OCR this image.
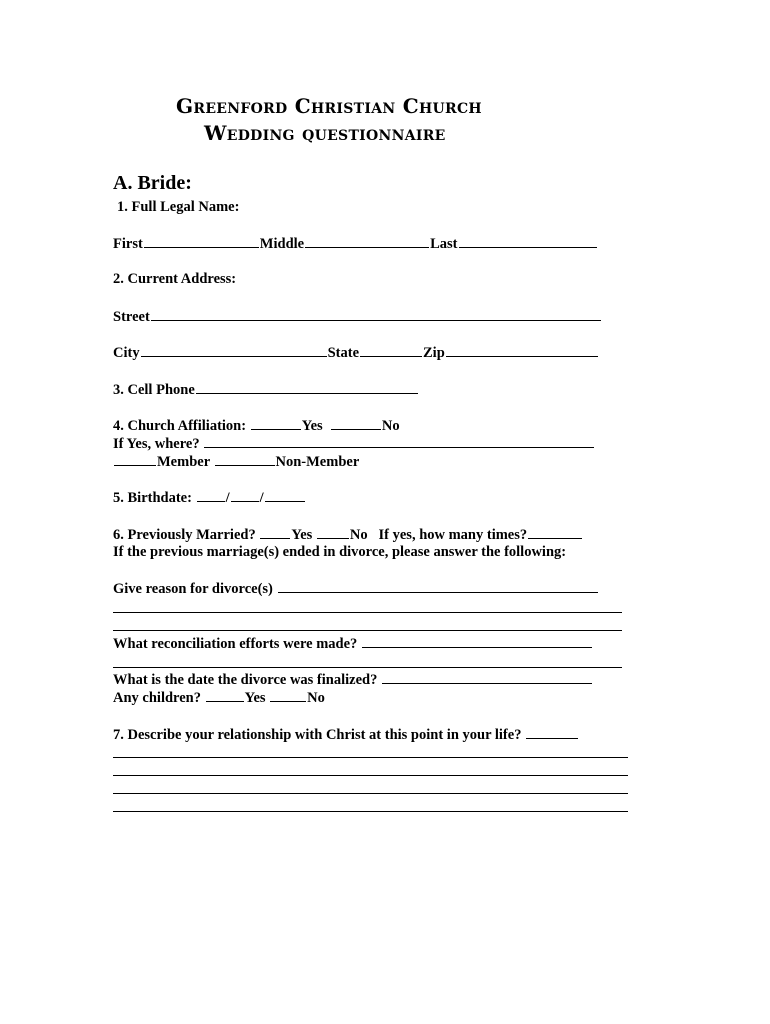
Greenford Christian Church
Wedding questionnaire
A. Bride:
1. Full Legal Name:
First	Middle	Last
2. Current Address:
Street
City	State	Zip
3. Cell Phone
4. Church Affiliation:	Yes	No
If Yes, where?
Member	Non-Member
5. Birthdate: / /
6. Previously Married? Yes	No If yes, how many times?
If the previous marriage(s) ended in divorce, please answer the following:
Give reason for divorce(s)
What reconciliation efforts were made?
What is the date the divorce was finalized?
Any children?	Yes	No
7. Describe your relationship with Christ at this point in your life?
